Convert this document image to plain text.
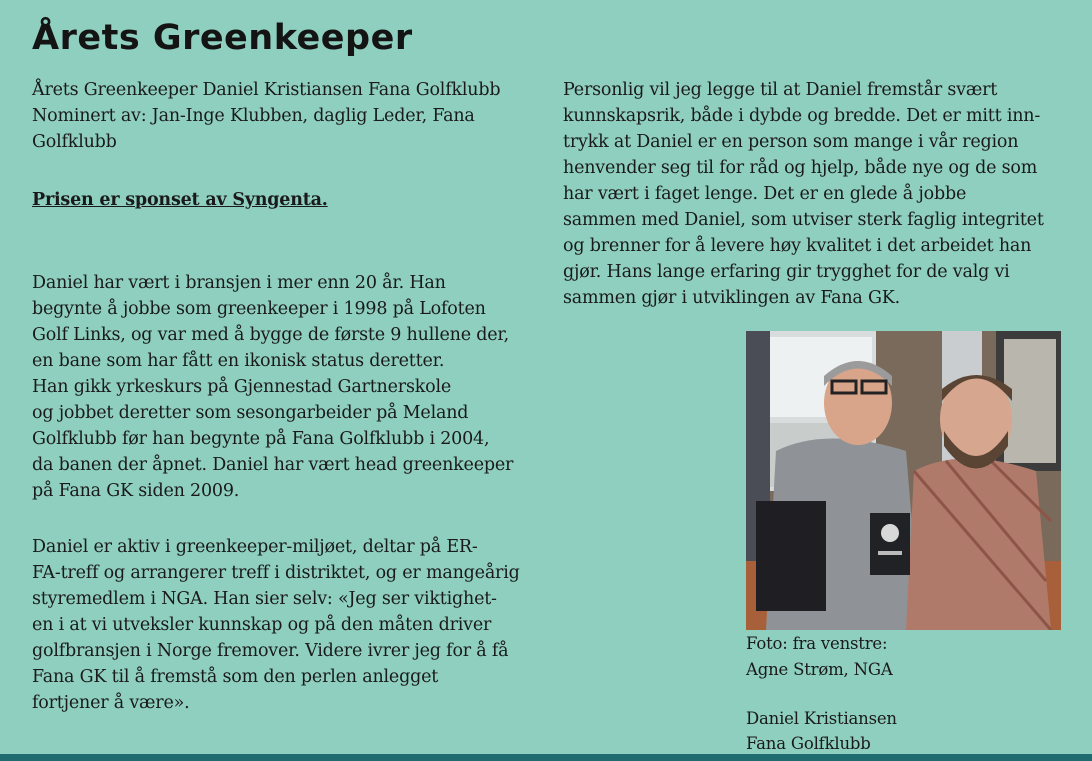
Årets Greenkeeper
Årets Greenkeeper Daniel Kristiansen Fana Golfklubb
Nominert av: Jan-Inge Klubben, daglig Leder, Fana
Golfklubb
Prisen er sponset av Syngenta.
Daniel har vært i bransjen i mer enn 20 år. Han
begynte å jobbe som greenkeeper i 1998 på Lofoten
Golf Links, og var med å bygge de første 9 hullene der,
en bane som har fått en ikonisk status deretter.
Han gikk yrkeskurs på Gjennestad Gartnerskole
og jobbet deretter som sesongarbeider på Meland
Golfklubb før han begynte på Fana Golfklubb i 2004,
da banen der åpnet. Daniel har vært head greenkeeper
på Fana GK siden 2009.
Daniel er aktiv i greenkeeper-miljøet, deltar på ER-
FA-treff og arrangerer treff i distriktet, og er mangeårig
styremedlem i NGA. Han sier selv: «Jeg ser viktighet-
en i at vi utveksler kunnskap og på den måten driver
golfbransjen i Norge fremover. Videre ivrer jeg for å få
Fana GK til å fremstå som den perlen anlegget
fortjener å være».
Personlig vil jeg legge til at Daniel fremstår svært
kunnskapsrik, både i dybde og bredde. Det er mitt inn-
trykk at Daniel er en person som mange i vår region
henvender seg til for råd og hjelp, både nye og de som
har vært i faget lenge. Det er en glede å jobbe
sammen med Daniel, som utviser sterk faglig integritet
og brenner for å levere høy kvalitet i det arbeidet han
gjør. Hans lange erfaring gir trygghet for de valg vi
sammen gjør i utviklingen av Fana GK.
Foto: fra venstre:
Agne Strøm, NGA
Daniel Kristiansen
Fana Golfklubb
